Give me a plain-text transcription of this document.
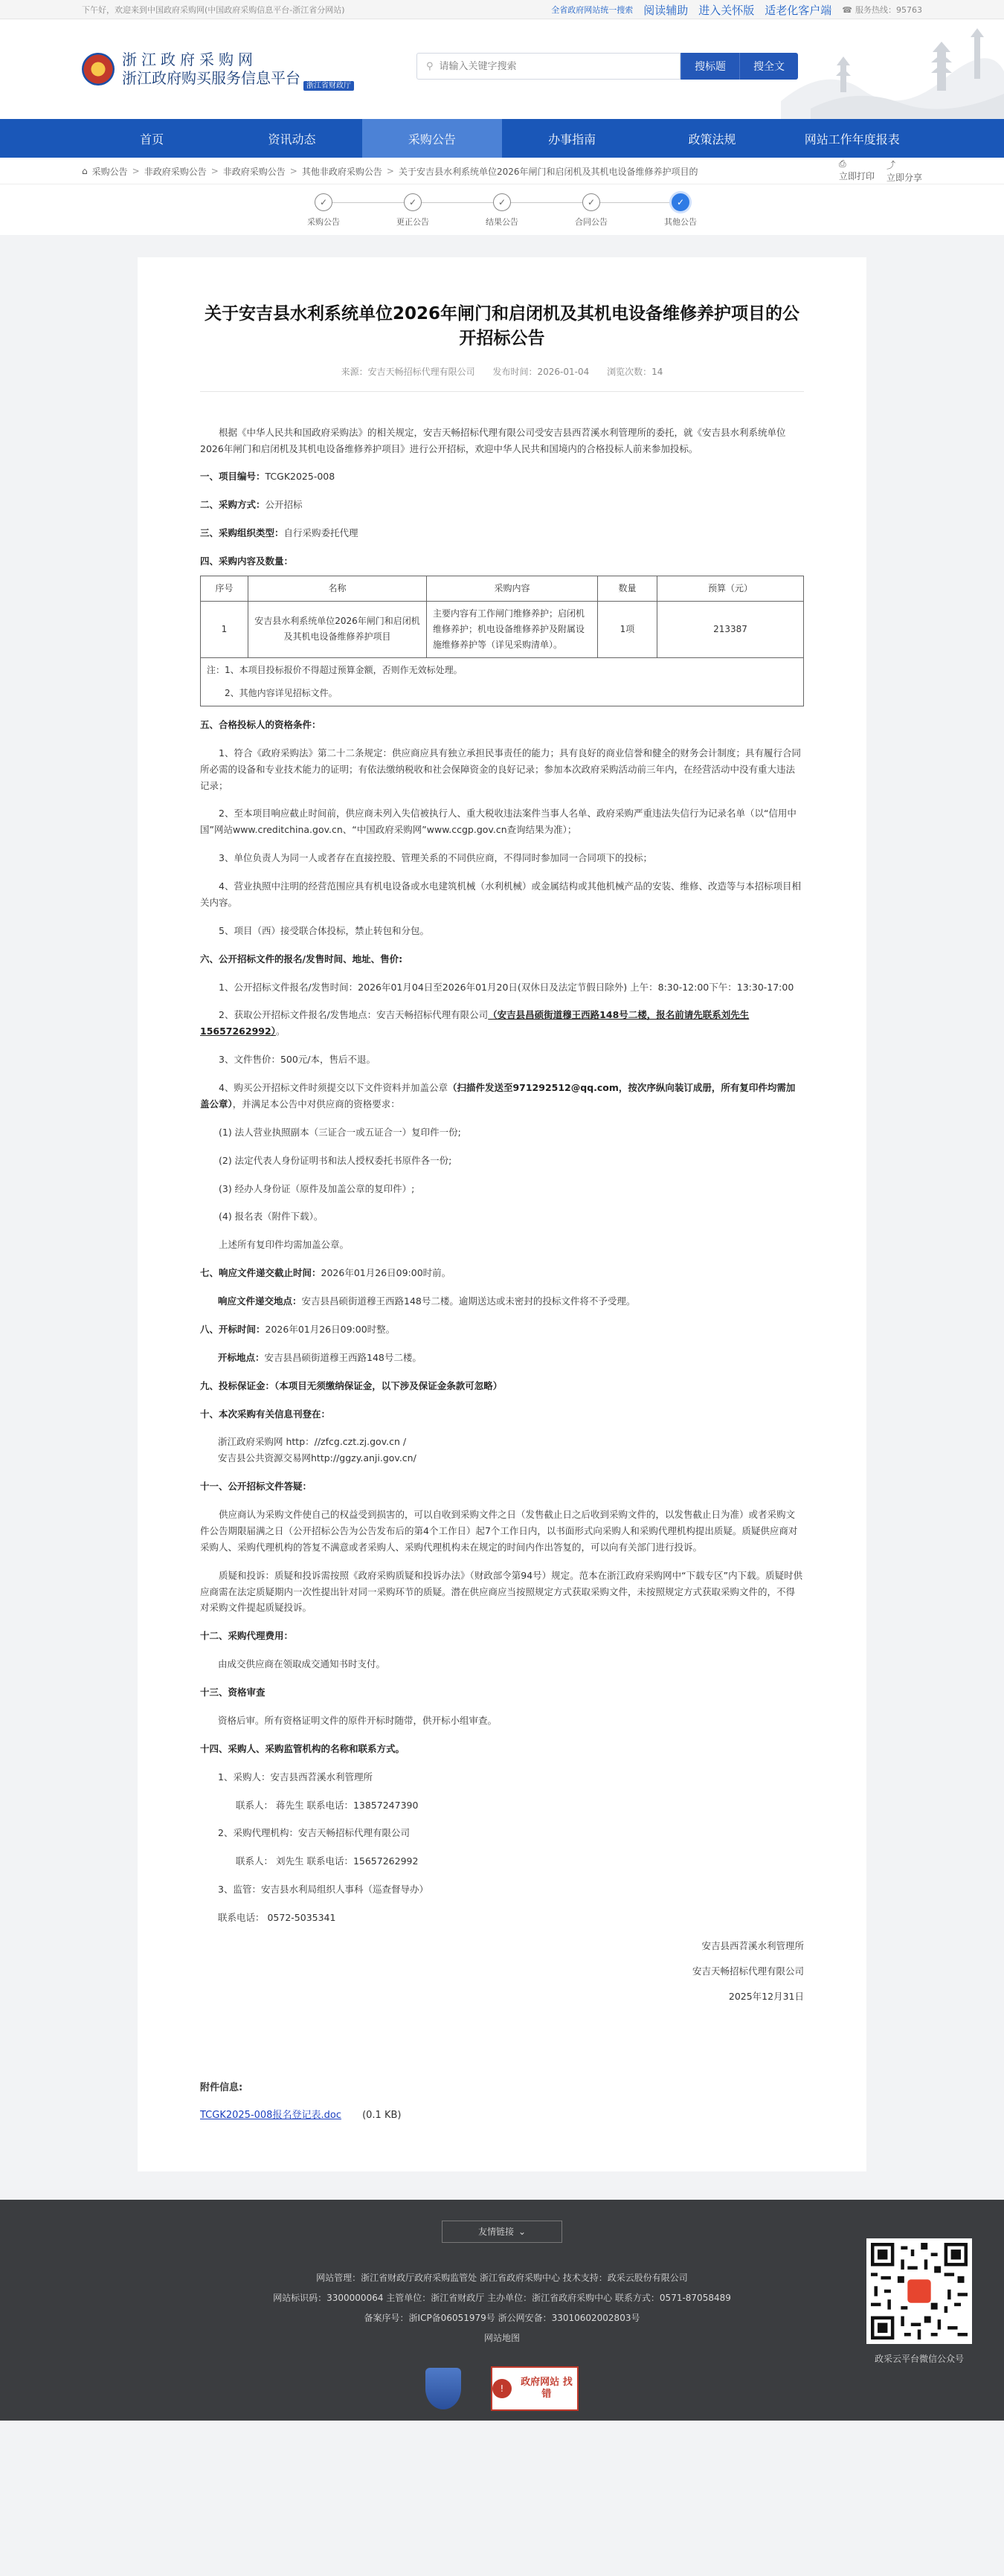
下午好，欢迎来到中国政府采购网(中国政府采购信息平台-浙江省分网站)	全省政府网站统一搜索 阅读辅助 进入关怀版 适老化客户端 ☎ 服务热线：95763
浙江政府采购网
浙江政府购买服务信息平台 $_{浙江省财政厅}$
⚲
请输入关键字搜索	搜标题	搜全文
首页	资讯动态	采购公告	办事指南	政策法规	网站工作年度报表
⌂ 采购公告 > 非政府采购公告 > 非政府采购公告 > 其他非政府采购公告 > 关于安吉县水利系统单位2026年闸门和启闭机及其机电设备维修养护项目的
⎙
立即打印
⤴
立即分享
✓
采购公告
✓
更正公告
✓
结果公告
✓
合同公告
✓
其他公告
关于安吉县水利系统单位2026年闸门和启闭机及其机电设备维修养护项目的公开招标公告
来源：安吉天畅招标代理有限公司 发布时间：2026-01-04 浏览次数：14

根据《中华人民共和国政府采购法》的相关规定，安吉天畅招标代理有限公司受安吉县西苕溪水利管理所的委托，就《安吉县水利系统单位2026年闸门和启闭机及其机电设备维修养护项目》进行公开招标，欢迎中华人民共和国境内的合格投标人前来参加投标。

一、项目编号：TCGK2025-008

二、采购方式：公开招标

三、采购组织类型：自行采购委托代理

四、采购内容及数量：

序号	名称	采购内容	数量	预算（元）
1	安吉县水利系统单位2026年闸门和启闭机及其机电设备维修养护项目	主要内容有工作闸门维修养护；启闭机维修养护；机电设备维修养护及附属设施维修养护等（详见采购清单）。	1项	213387

注：1、本项目投标报价不得超过预算金额，否则作无效标处理。
2、其他内容详见招标文件。				

五、合格投标人的资格条件：

1、符合《政府采购法》第二十二条规定：供应商应具有独立承担民事责任的能力；具有良好的商业信誉和健全的财务会计制度；具有履行合同所必需的设备和专业技术能力的证明；有依法缴纳税收和社会保障资金的良好记录；参加本次政府采购活动前三年内，在经营活动中没有重大违法记录；

2、至本项目响应截止时间前，供应商未列入失信被执行人、重大税收违法案件当事人名单、政府采购严重违法失信行为记录名单（以“信用中国”网站www.creditchina.gov.cn、“中国政府采购网”www.ccgp.gov.cn查询结果为准）；

3、单位负责人为同一人或者存在直接控股、管理关系的不同供应商，不得同时参加同一合同项下的投标；

4、营业执照中注明的经营范围应具有机电设备或水电建筑机械（水利机械）或金属结构或其他机械产品的安装、维修、改造等与本招标项目相关内容。

5、项目（西）接受联合体投标，禁止转包和分包。

六、公开招标文件的报名/发售时间、地址、售价:

1、公开招标文件报名/发售时间：2026年01月04日至2026年01月20日(双休日及法定节假日除外) 上午：8:30-12:00下午：13:30-17:00

2、获取公开招标文件报名/发售地点：安吉天畅招标代理有限公司（安吉县昌硕街道穆王西路148号二楼，报名前请先联系刘先生15657262992）。

3、文件售价：500元/本，售后不退。

4、购买公开招标文件时须提交以下文件资料并加盖公章（扫描件发送至971292512@qq.com，按次序纵向装订成册，所有复印件均需加盖公章），并满足本公告中对供应商的资格要求：

(1) 法人营业执照副本（三证合一或五证合一）复印件一份;

(2) 法定代表人身份证明书和法人授权委托书原件各一份;

(3) 经办人身份证（原件及加盖公章的复印件）;

(4) 报名表（附件下载）。

上述所有复印件均需加盖公章。

七、响应文件递交截止时间：2026年01月26日09:00时前。

响应文件递交地点：安吉县昌硕街道穆王西路148号二楼。逾期送达或未密封的投标文件将不予受理。

八、开标时间：2026年01月26日09:00时整。

开标地点：安吉县昌硕街道穆王西路148号二楼。

九、投标保证金：（本项目无须缴纳保证金，以下涉及保证金条款可忽略）

十、本次采购有关信息刊登在：

浙江政府采购网 http：//zfcg.czt.zj.gov.cn /
安吉县公共资源交易网http://ggzy.anji.gov.cn/

十一、公开招标文件答疑：

供应商认为采购文件使自己的权益受到损害的，可以自收到采购文件之日（发售截止日之后收到采购文件的，以发售截止日为准）或者采购文件公告期限届满之日（公开招标公告为公告发布后的第4个工作日）起7个工作日内，以书面形式向采购人和采购代理机构提出质疑。质疑供应商对采购人、采购代理机构的答复不满意或者采购人、采购代理机构未在规定的时间内作出答复的，可以向有关部门进行投诉。

质疑和投诉：质疑和投诉需按照《政府采购质疑和投诉办法》（财政部令第94号）规定。范本在浙江政府采购网中“下载专区”内下载。质疑时供应商需在法定质疑期内一次性提出针对同一采购环节的质疑。潜在供应商应当按照规定方式获取采购文件，未按照规定方式获取采购文件的，不得对采购文件提起质疑投诉。

十二、采购代理费用：

由成交供应商在领取成交通知书时支付。

十三、资格审查

资格后审。所有资格证明文件的原件开标时随带，供开标小组审查。

十四、采购人、采购监管机构的名称和联系方式。

1、采购人：安吉县西苕溪水利管理所

联系人： 蒋先生 联系电话：13857247390

2、采购代理机构：安吉天畅招标代理有限公司

联系人： 刘先生 联系电话：15657262992

3、监管：安吉县水利局组织人事科（巡查督导办）

联系电话： 0572-5035341

安吉县西苕溪水利管理所

安吉天畅招标代理有限公司

2025年12月31日

附件信息:
TCGK2025-008报名登记表.doc (0.1 KB)
友情链接 ⌄
网站管理：浙江省财政厅政府采购监管处 浙江省政府采购中心 技术支持：政采云股份有限公司
网站标识码：3300000064 主管单位：浙江省财政厅 主办单位：浙江省政府采购中心 联系方式：0571-87058489
备案序号：浙ICP备06051979号 浙公网安备：33010602002803号
网站地图
!
政府网站 找错
政采云平台微信公众号
